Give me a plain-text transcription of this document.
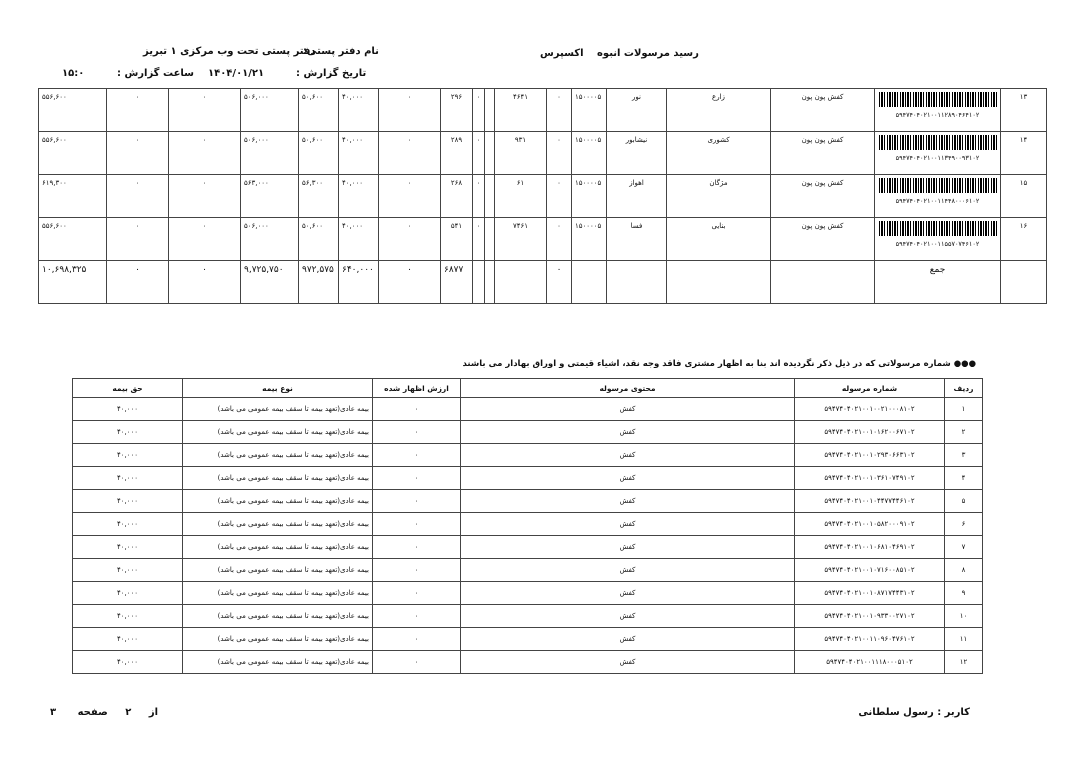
رسید مرسولات انبوه اکسپرس
نام دفتر پستی:
دفتر پستی تحت وب مرکزی ۱ تبریز
تاریخ گزارش :
۱۴۰۴/۰۱/۲۱
ساعت گزارش :
۱۵:۰
۵۵۶,۶۰۰	۰	۰	۵۰۶,۰۰۰	۵۰,۶۰۰	۴۰,۰۰۰	۰	۲۹۶	۰		۴۶۴۱	۰	۱۵۰۰۰۰۵	نور	زارع	کفش پون پون	۵۹۴۷۴۰۴۰۲۱۰۰۱۱۲۸۹۰۴۶۴۱۰۲	۱۳
۵۵۶,۶۰۰	۰	۰	۵۰۶,۰۰۰	۵۰,۶۰۰	۴۰,۰۰۰	۰	۲۸۹	۰		۹۳۱	۰	۱۵۰۰۰۰۵	نیشابور	کشوری	کفش پون پون	۵۹۴۷۴۰۴۰۲۱۰۰۱۱۳۴۹۰۰۹۳۱۰۲	۱۴
۶۱۹,۳۰۰	۰	۰	۵۶۳,۰۰۰	۵۶,۳۰۰	۴۰,۰۰۰	۰	۲۶۸	۰		۶۱	۰	۱۵۰۰۰۰۵	اهواز	مژگان	کفش پون پون	۵۹۴۷۴۰۴۰۲۱۰۰۱۱۴۴۸۰۰۰۶۱۰۲	۱۵
۵۵۶,۶۰۰	۰	۰	۵۰۶,۰۰۰	۵۰,۶۰۰	۴۰,۰۰۰	۰	۵۴۱	۰		۷۴۶۱	۰	۱۵۰۰۰۰۵	فسا	بنایی	کفش پون پون	۵۹۴۷۴۰۴۰۲۱۰۰۱۱۵۵۷۰۷۴۶۱۰۲	۱۶
۱۰,۶۹۸,۳۲۵	۰	۰	۹,۷۲۵,۷۵۰	۹۷۲,۵۷۵	۶۴۰,۰۰۰	۰	۶۸۷۷				۰					جمع	
●●● شماره مرسولاتی که در ذیل ذکر نگردیده اند بنا به اظهار مشتری فاقد وجه نقد، اشیاء قیمتی و اوراق بهادار می باشند
حق بیمه	نوع بیمه	ارزش اظهار شده	محتوی مرسوله	شماره مرسوله	ردیف
۴۰,۰۰۰	بیمه عادی(تعهد بیمه تا سقف بیمه عمومی می باشد)	۰	کفش	۵۹۴۷۴۰۴۰۲۱۰۰۱۰۰۲۱۰۰۰۸۱۰۲	۱
۴۰,۰۰۰	بیمه عادی(تعهد بیمه تا سقف بیمه عمومی می باشد)	۰	کفش	۵۹۴۷۴۰۴۰۲۱۰۰۱۰۱۶۲۰۰۶۷۱۰۲	۲
۴۰,۰۰۰	بیمه عادی(تعهد بیمه تا سقف بیمه عمومی می باشد)	۰	کفش	۵۹۴۷۴۰۴۰۲۱۰۰۱۰۲۹۳۰۶۶۳۱۰۲	۳
۴۰,۰۰۰	بیمه عادی(تعهد بیمه تا سقف بیمه عمومی می باشد)	۰	کفش	۵۹۴۷۴۰۴۰۲۱۰۰۱۰۳۶۱۰۷۴۹۱۰۲	۴
۴۰,۰۰۰	بیمه عادی(تعهد بیمه تا سقف بیمه عمومی می باشد)	۰	کفش	۵۹۴۷۴۰۴۰۲۱۰۰۱۰۴۴۷۷۴۴۶۱۰۲	۵
۴۰,۰۰۰	بیمه عادی(تعهد بیمه تا سقف بیمه عمومی می باشد)	۰	کفش	۵۹۴۷۴۰۴۰۲۱۰۰۱۰۵۸۲۰۰۰۹۱۰۲	۶
۴۰,۰۰۰	بیمه عادی(تعهد بیمه تا سقف بیمه عمومی می باشد)	۰	کفش	۵۹۴۷۴۰۴۰۲۱۰۰۱۰۶۸۱۰۴۶۹۱۰۲	۷
۴۰,۰۰۰	بیمه عادی(تعهد بیمه تا سقف بیمه عمومی می باشد)	۰	کفش	۵۹۴۷۴۰۴۰۲۱۰۰۱۰۷۱۶۰۰۸۵۱۰۲	۸
۴۰,۰۰۰	بیمه عادی(تعهد بیمه تا سقف بیمه عمومی می باشد)	۰	کفش	۵۹۴۷۴۰۴۰۲۱۰۰۱۰۸۷۱۷۴۴۳۱۰۲	۹
۴۰,۰۰۰	بیمه عادی(تعهد بیمه تا سقف بیمه عمومی می باشد)	۰	کفش	۵۹۴۷۴۰۴۰۲۱۰۰۱۰۹۳۳۰۰۲۷۱۰۲	۱۰
۴۰,۰۰۰	بیمه عادی(تعهد بیمه تا سقف بیمه عمومی می باشد)	۰	کفش	۵۹۴۷۴۰۴۰۲۱۰۰۱۱۰۹۶۰۴۷۶۱۰۲	۱۱
۴۰,۰۰۰	بیمه عادی(تعهد بیمه تا سقف بیمه عمومی می باشد)	۰	کفش	۵۹۴۷۴۰۴۰۲۱۰۰۱۱۱۸۰۰۰۵۱۰۲	۱۲
کاربر : رسول سلطانی
۳	از ۲ صفحه
